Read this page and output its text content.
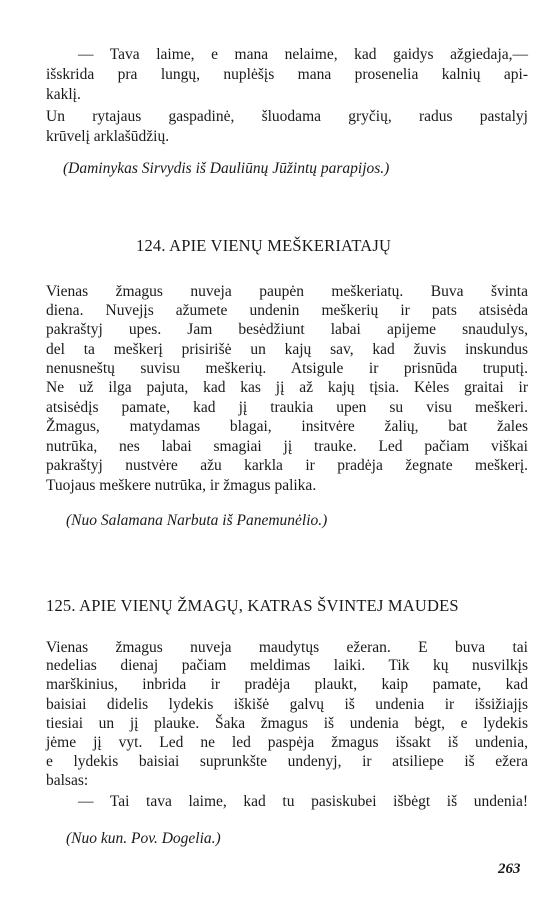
— Tava laime, e mana nelaime, kad gaidys ažgiedaja,—
išskrida pra lungų, nuplėšįs mana prosenelia kalnių api-
kaklį.
Un rytajaus gaspadinė, šluodama gryčių, radus pastalyj
krūvelį arklašūdžių.
(Daminykas Sirvydis iš Dauliūnų Jūžintų parapijos.)
124. APIE VIENŲ MEŠKERIATAJŲ
Vienas žmagus nuveja paupėn meškeriatų. Buva švinta
diena. Nuvejįs ažumete undenin meškerių ir pats atsisėda
pakraštyj upes. Jam besėdžiunt labai apijeme snaudulys,
del ta meškerį prisirišė un kajų sav, kad žuvis inskundus
nenusneštų suvisu meškerių. Atsigule ir prisnūda truputį.
Ne už ilga pajuta, kad kas jį až kajų tįsia. Kėles graitai ir
atsisėdįs pamate, kad jį traukia upen su visu meškeri.
Žmagus, matydamas blagai, insitvėre žalių, bat žales
nutrūka, nes labai smagiai jį trauke. Led pačiam viškai
pakraštyj nustvėre ažu karkla ir pradėja žegnate meškerį.
Tuojaus meškere nutrūka, ir žmagus palika.
(Nuo Salamana Narbuta iš Panemunėlio.)
125. APIE VIENŲ ŽMAGŲ, KATRAS ŠVINTEJ MAUDES
Vienas žmagus nuveja maudytųs ežeran. E buva tai
nedelias dienaj pačiam meldimas laiki. Tik kų nusvilkįs
marškinius, inbrida ir pradėja plaukt, kaip pamate, kad
baisiai didelis lydekis iškišė galvų iš undenia ir išsižiajįs
tiesiai un jį plauke. Šaka žmagus iš undenia bėgt, e lydekis
jėme jį vyt. Led ne led paspėja žmagus išsakt iš undenia,
e lydekis baisiai suprunkšte undenyj, ir atsiliepe iš ežera
balsas:
— Tai tava laime, kad tu pasiskubei išbėgt iš undenia!
(Nuo kun. Pov. Dogelia.)
263
